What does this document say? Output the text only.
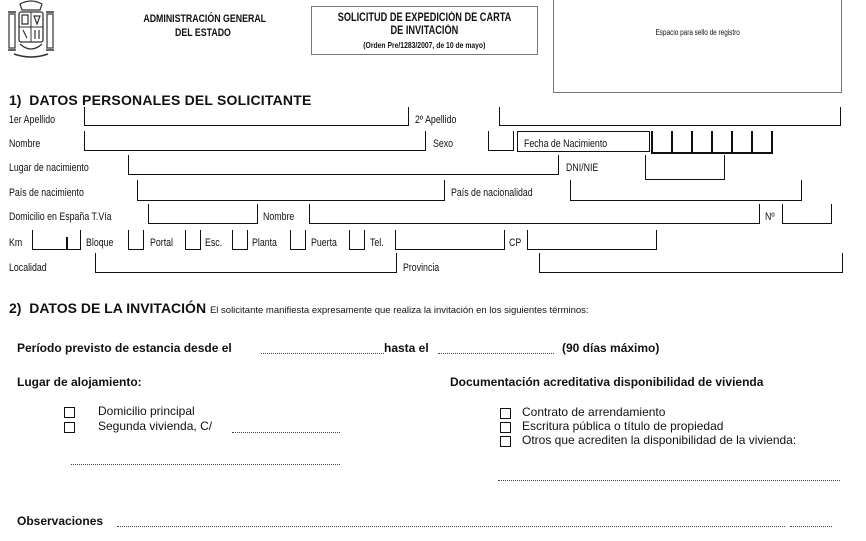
ADMINISTRACIÓN GENERAL
DEL ESTADO
SOLICITUD DE EXPEDICIÓN DE CARTA
DE INVITACIÓN
(Orden Pre/1283/2007, de 10 de mayo)
Espacio para sello de registro
1) DATOS PERSONALES DEL SOLICITANTE
1er Apellido	2º Apellido
Nombre	Sexo	Fecha de Nacimiento
Lugar de nacimiento	DNI/NIE
País de nacimiento	País de nacionalidad
Domicilio en España T.Vía	Nombre	Nº
Km	Bloque	Portal	Esc.	Planta	Puerta	Tel.	CP
Localidad	Provincia
2) DATOS DE LA INVITACIÓN El solicitante manifiesta expresamente que realiza la invitación en los siguientes términos:
Período previsto de estancia desde el	hasta el	(90 días máximo)
Lugar de alojamiento:
Domicilio principal
Segunda vivienda, C/
Documentación acreditativa disponibilidad de vivienda
Contrato de arrendamiento
Escritura pública o título de propiedad
Otros que acrediten la disponibilidad de la vivienda:
Observaciones
